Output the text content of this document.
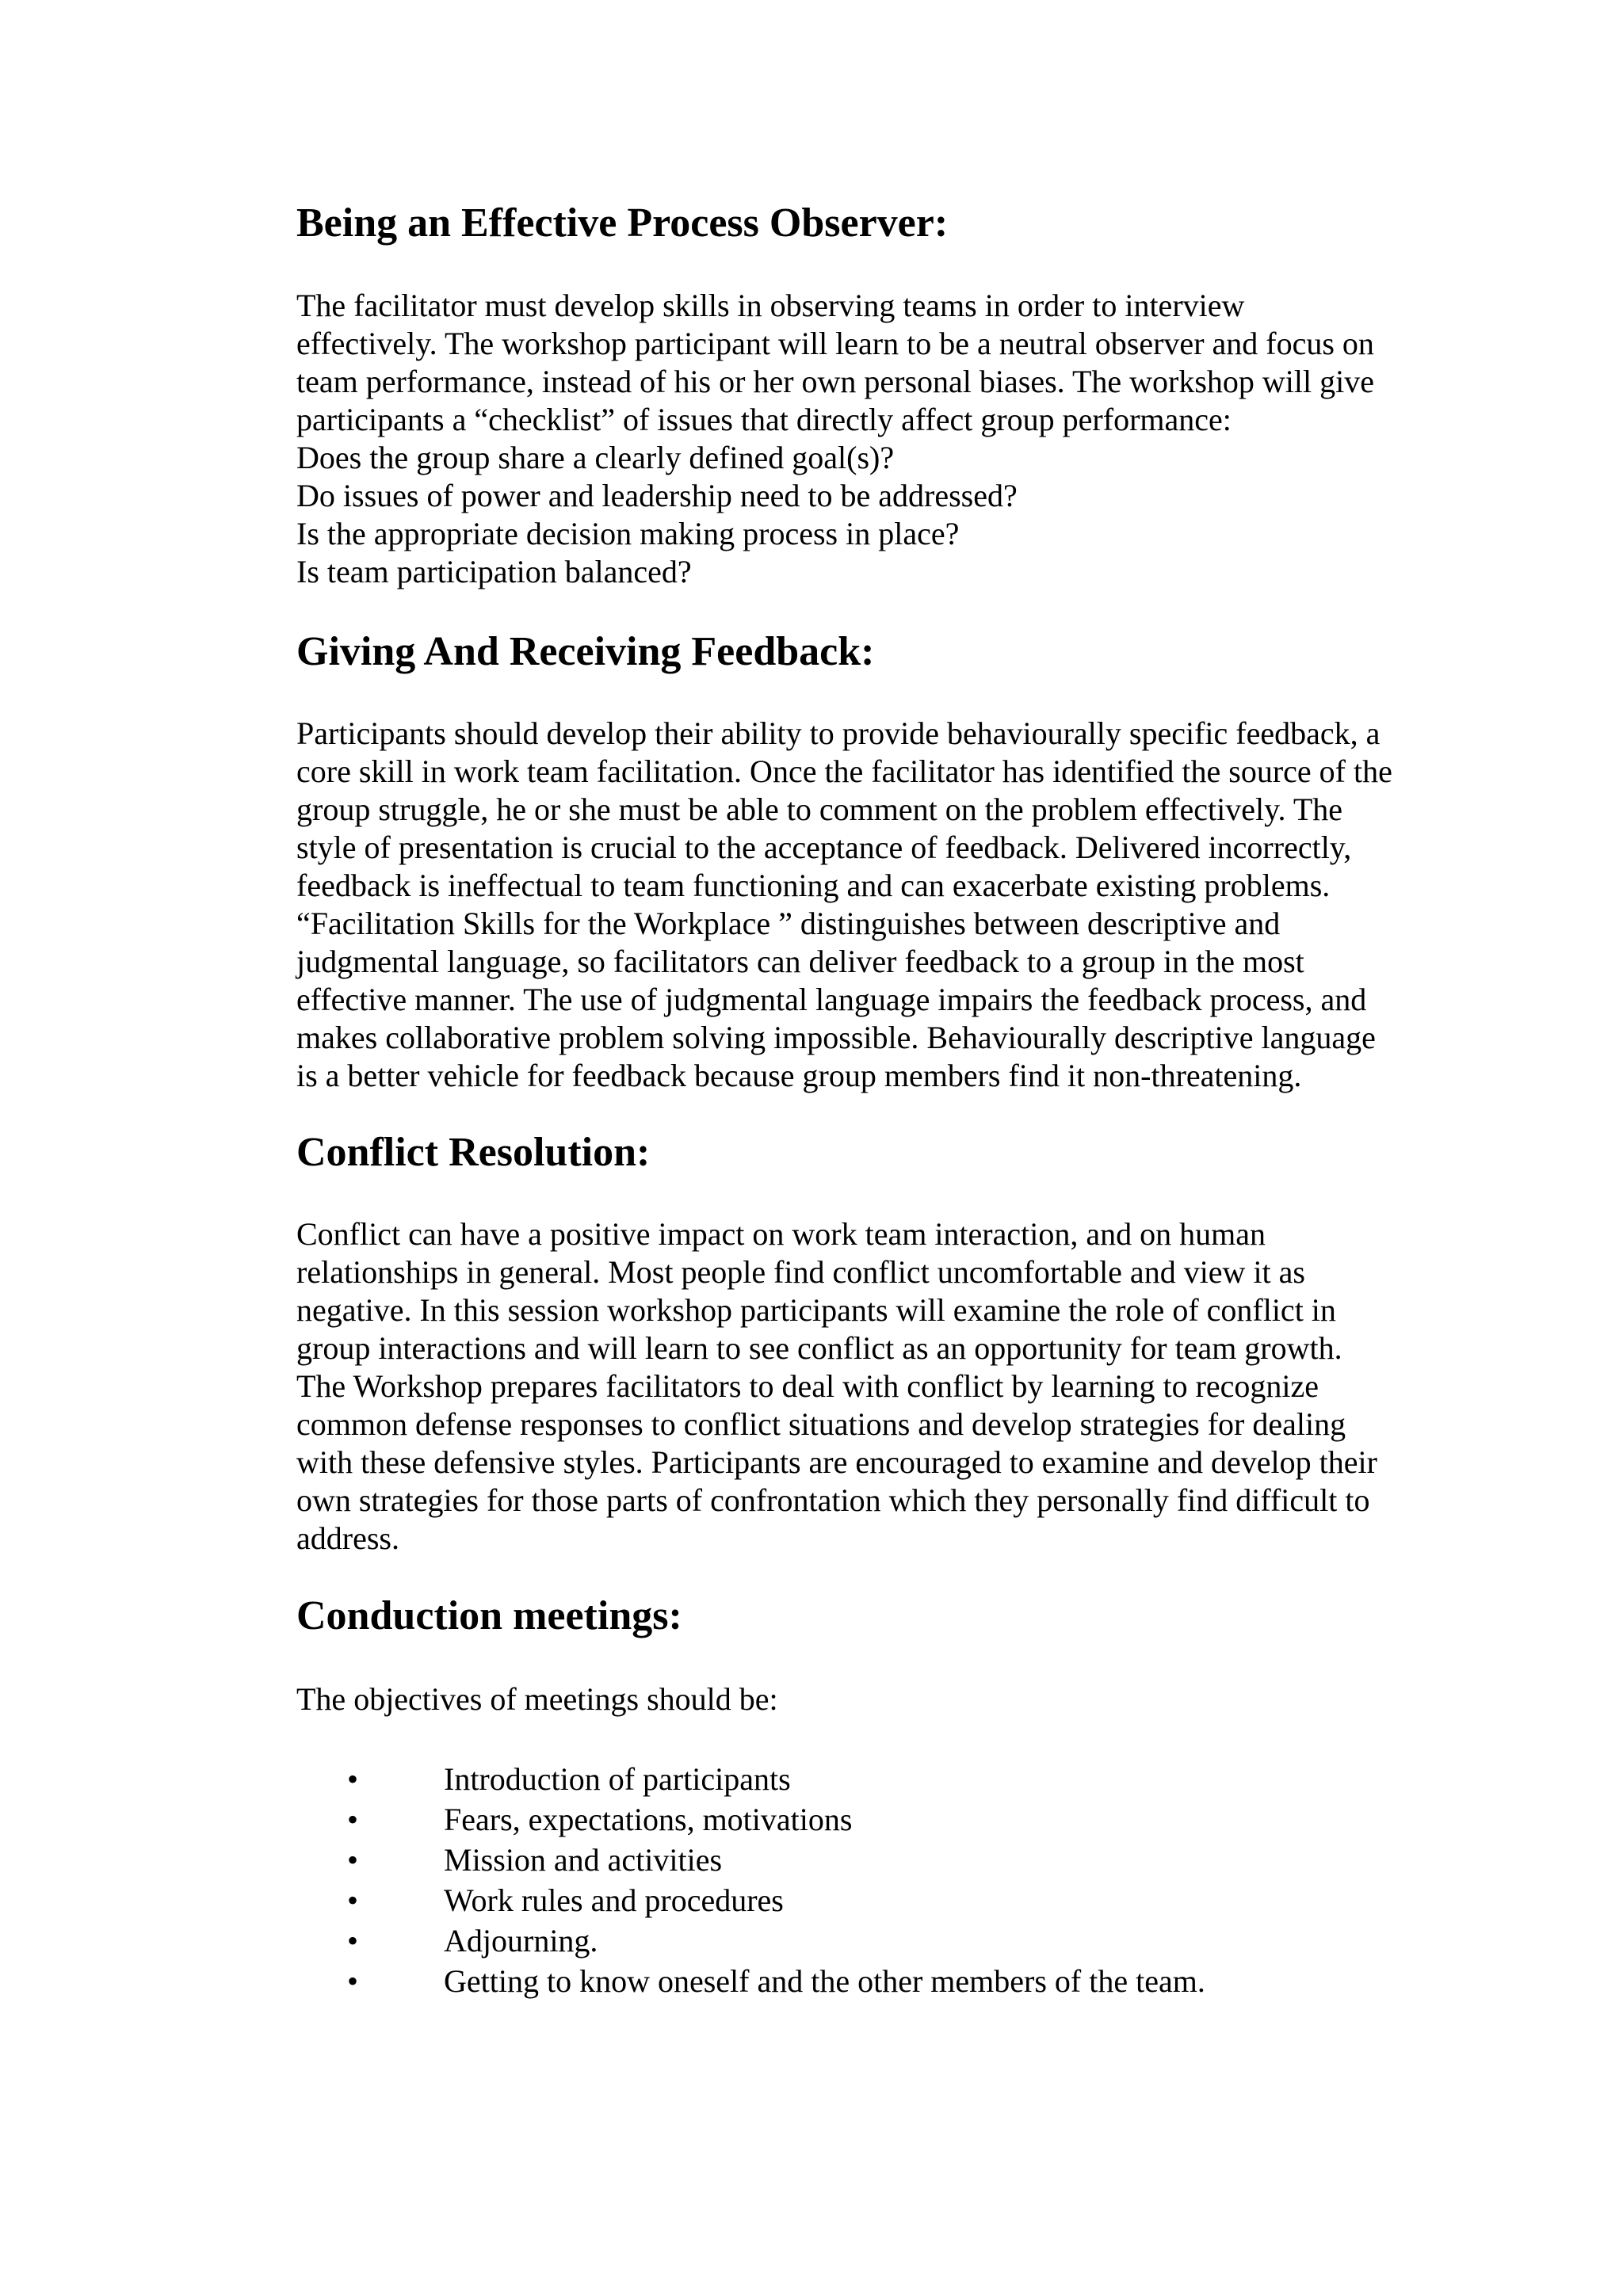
Being an Effective Process Observer:
The facilitator must develop skills in observing teams in order to interview
effectively. The workshop participant will learn to be a neutral observer and focus on
team performance, instead of his or her own personal biases. The workshop will give
participants a “checklist” of issues that directly affect group performance:
Does the group share a clearly defined goal(s)?
Do issues of power and leadership need to be addressed?
Is the appropriate decision making process in place?
Is team participation balanced?
Giving And Receiving Feedback:
Participants should develop their ability to provide behaviourally specific feedback, a
core skill in work team facilitation. Once the facilitator has identified the source of the
group struggle, he or she must be able to comment on the problem effectively. The
style of presentation is crucial to the acceptance of feedback. Delivered incorrectly,
feedback is ineffectual to team functioning and can exacerbate existing problems.
“Facilitation Skills for the Workplace ” distinguishes between descriptive and
judgmental language, so facilitators can deliver feedback to a group in the most
effective manner. The use of judgmental language impairs the feedback process, and
makes collaborative problem solving impossible. Behaviourally descriptive language
is a better vehicle for feedback because group members find it non-threatening.
Conflict Resolution:
Conflict can have a positive impact on work team interaction, and on human
relationships in general. Most people find conflict uncomfortable and view it as
negative. In this session workshop participants will examine the role of conflict in
group interactions and will learn to see conflict as an opportunity for team growth.
The Workshop prepares facilitators to deal with conflict by learning to recognize
common defense responses to conflict situations and develop strategies for dealing
with these defensive styles. Participants are encouraged to examine and develop their
own strategies for those parts of confrontation which they personally find difficult to
address.
Conduction meetings:
The objectives of meetings should be:
•	Introduction of participants
•	Fears, expectations, motivations
•	Mission and activities
•	Work rules and procedures
•	Adjourning.
•	Getting to know oneself and the other members of the team.
